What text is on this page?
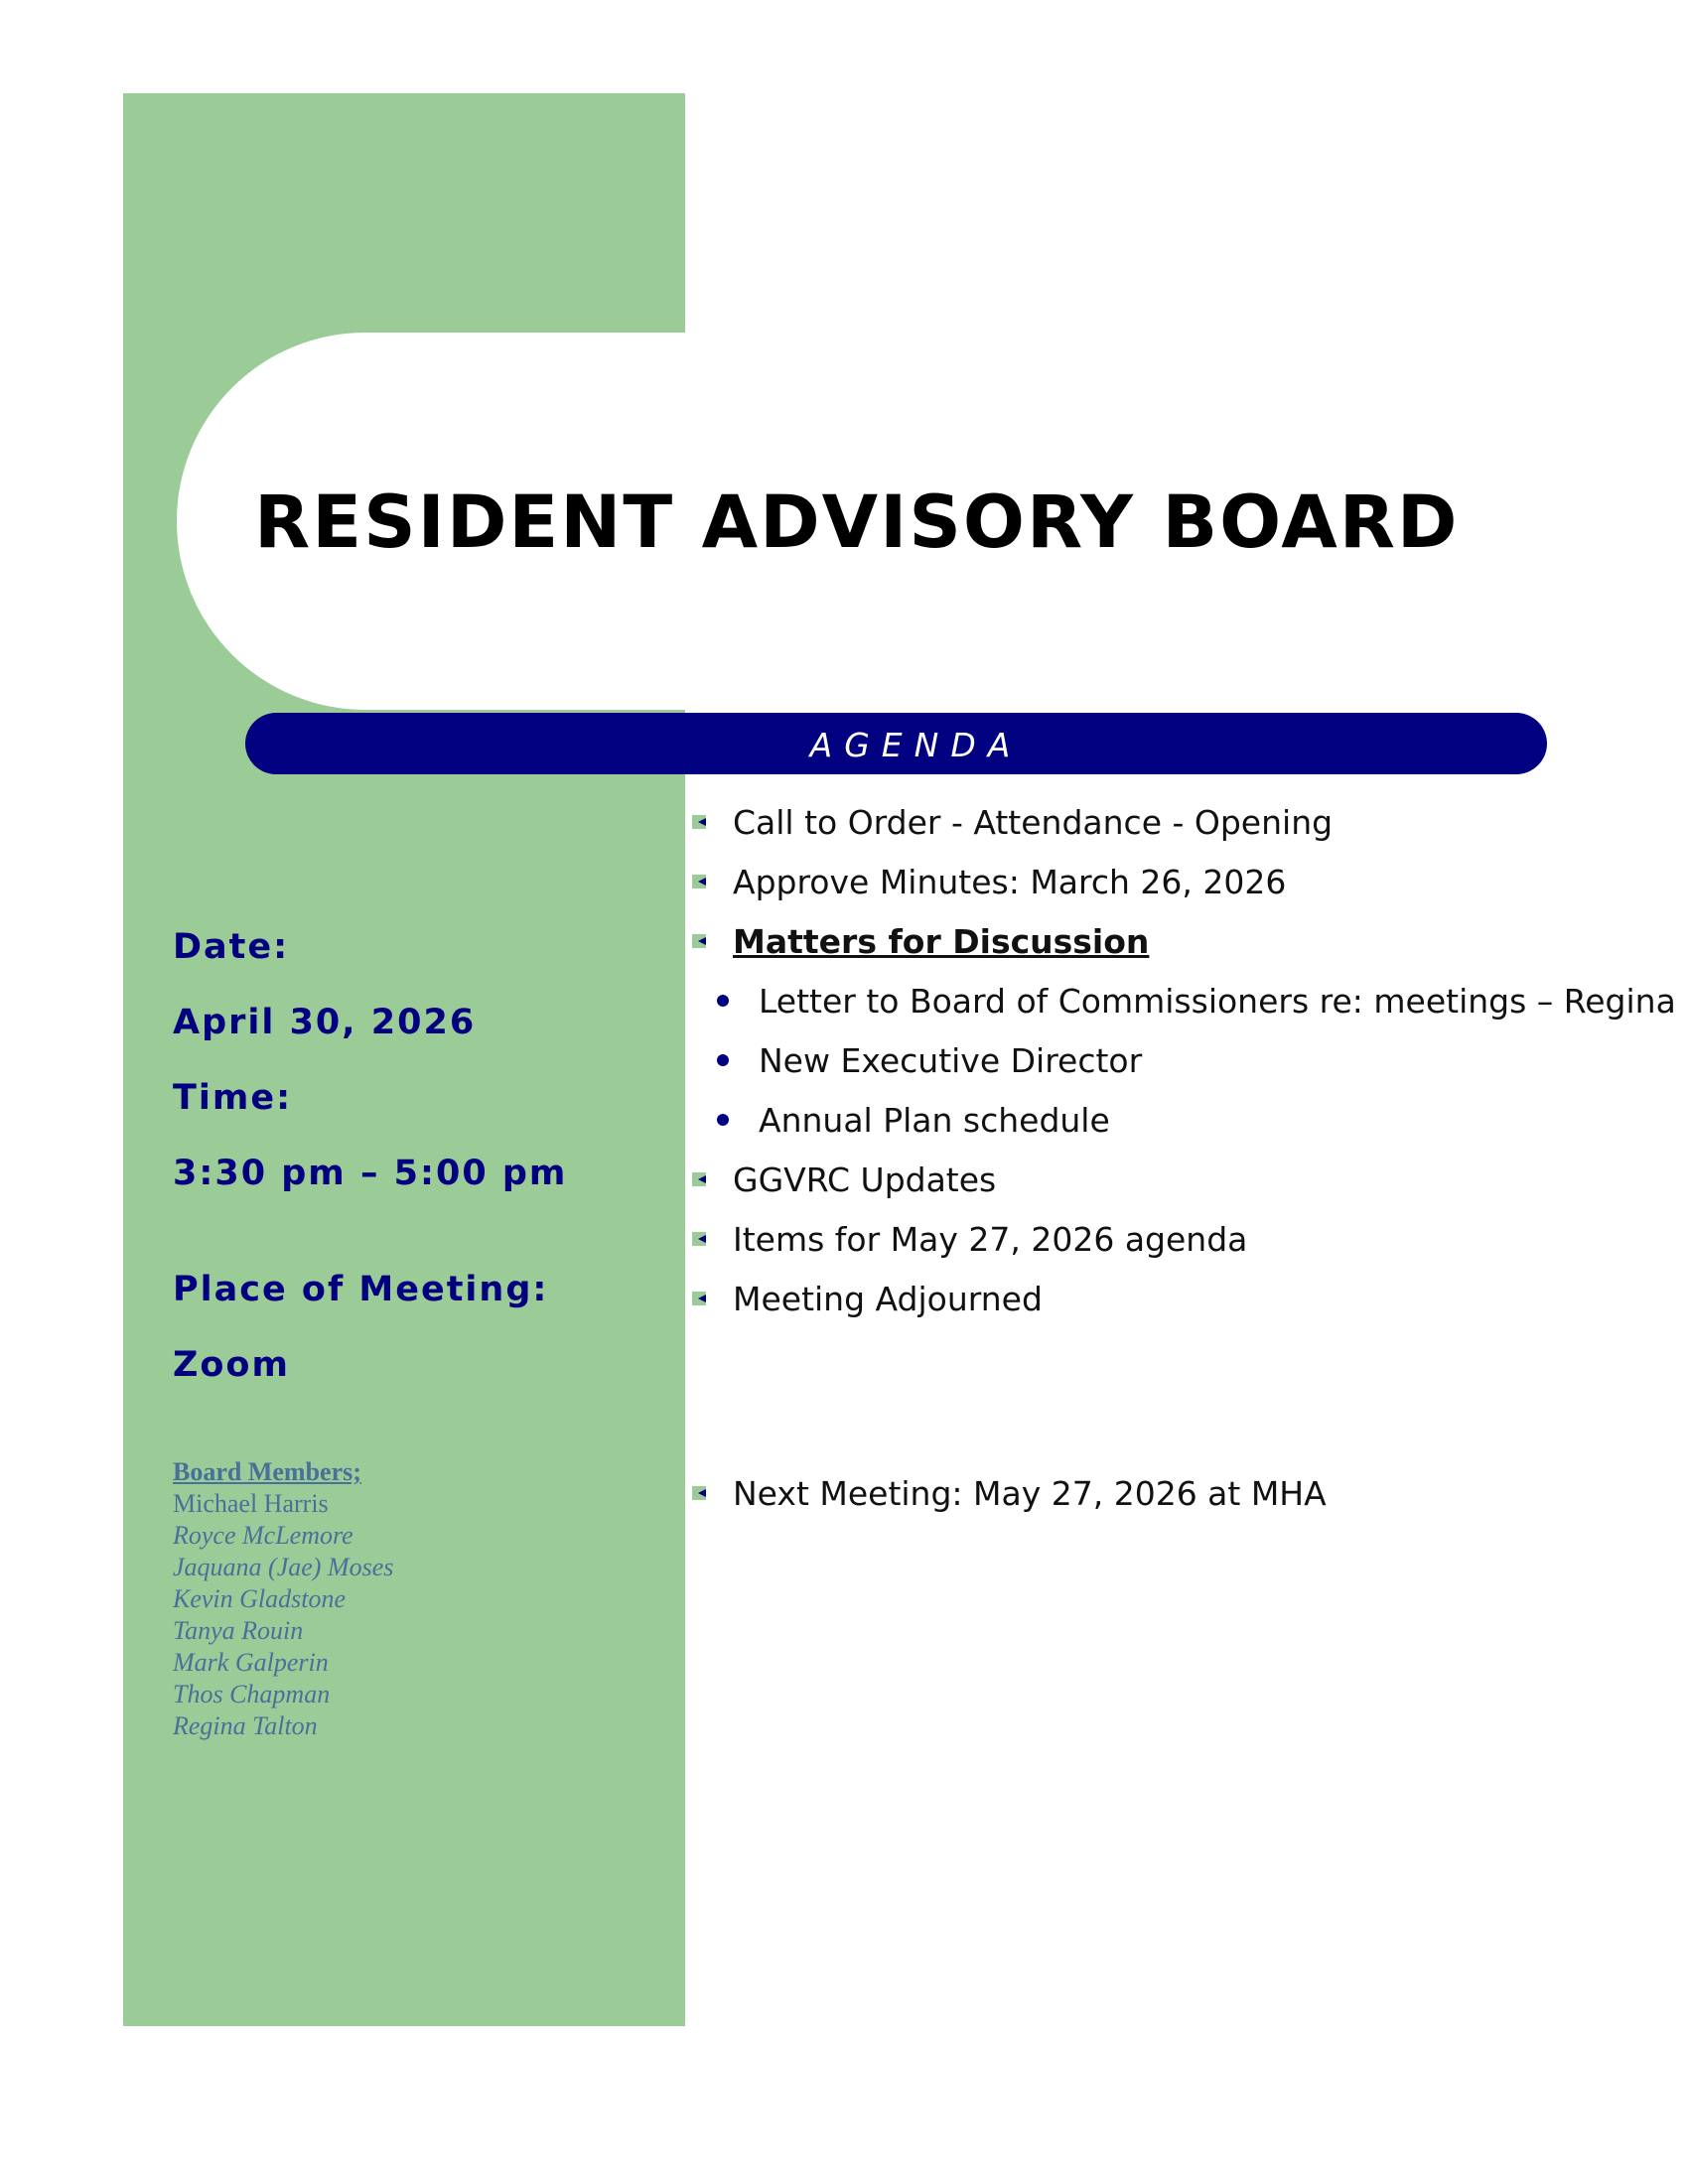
RESIDENT ADVISORY BOARD
AGENDA
Date:
April 30, 2026
Time:
3:30 pm – 5:00 pm
Place of Meeting:
Zoom
Board Members;
Michael Harris
Royce McLemore
Jaquana (Jae) Moses
Kevin Gladstone
Tanya Rouin
Mark Galperin
Thos Chapman
Regina Talton
Call to Order - Attendance - Opening
Approve Minutes: March 26, 2026
Matters for Discussion
Letter to Board of Commissioners re: meetings – Regina
New Executive Director
Annual Plan schedule
GGVRC Updates
Items for May 27, 2026 agenda
Meeting Adjourned
Next Meeting: May 27, 2026 at MHA
